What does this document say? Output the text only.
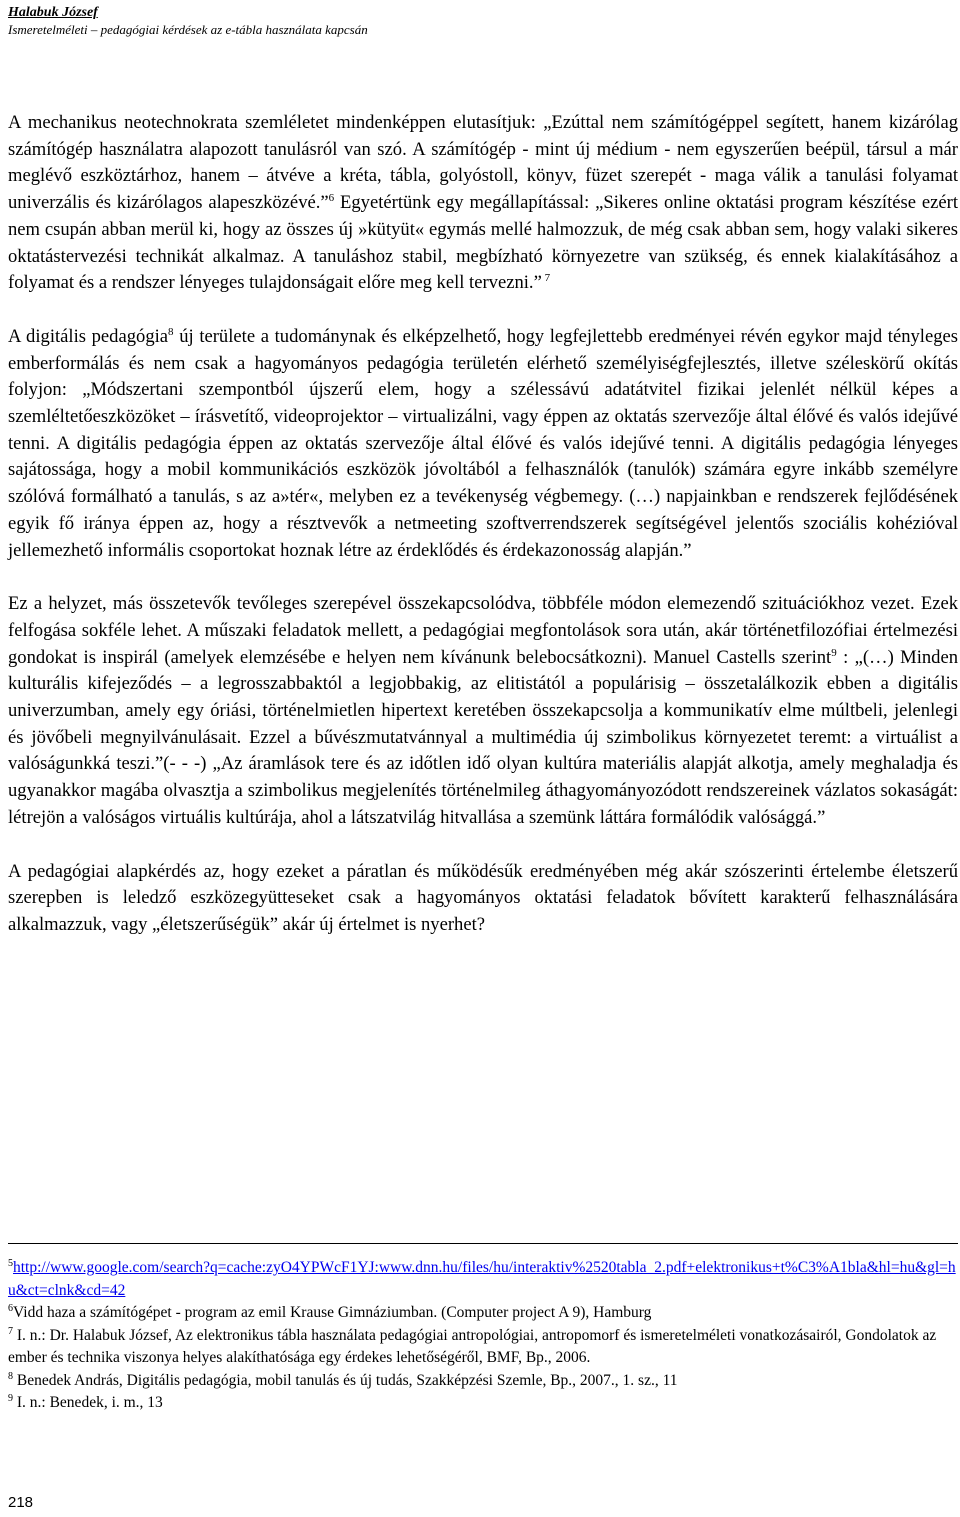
Halabuk József
Ismeretelméleti – pedagógiai kérdések az e-tábla használata kapcsán

A mechanikus neotechnokrata szemléletet mindenképpen elutasítjuk: „Ezúttal nem számítógéppel segített, hanem kizárólag számítógép használatra alapozott tanulásról van szó. A számítógép - mint új médium - nem egyszerűen beépül, társul a már meglévő eszköztárhoz, hanem – átvéve a kréta, tábla, golyóstoll, könyv, füzet szerepét - maga válik a tanulási folyamat univerzális és kizárólagos alapeszközévé.”$^6$ Egyetértünk egy megállapítással: „Sikeres online oktatási program készítése ezért nem csupán abban merül ki, hogy az összes új »kütyüt« egymás mellé halmozzuk, de még csak abban sem, hogy valaki sikeres oktatástervezési technikát alkalmaz. A tanuláshoz stabil, megbízható környezetre van szükség, és ennek kialakításához a folyamat és a rendszer lényeges tulajdonságait előre meg kell tervezni.” $^7$

A digitális pedagógia$^8$ új területe a tudománynak és elképzelhető, hogy legfejlettebb eredményei révén egykor majd tényleges emberformálás és nem csak a hagyományos pedagógia területén elérhető személyiségfejlesztés, illetve széleskörű okítás folyjon: „Módszertani szempontból újszerű elem, hogy a szélessávú adatátvitel fizikai jelenlét nélkül képes a szemléltetőeszközöket – írásvetítő, videoprojektor – virtualizálni, vagy éppen az oktatás szervezője által élővé és valós idejűvé tenni. A digitális pedagógia éppen az oktatás szervezője által élővé és valós idejűvé tenni. A digitális pedagógia lényeges sajátossága, hogy a mobil kommunikációs eszközök jóvoltából a felhasználók (tanulók) számára egyre inkább személyre szólóvá formálható a tanulás, s az a»tér«, melyben ez a tevékenység végbemegy. (…) napjainkban e rendszerek fejlődésének egyik fő iránya éppen az, hogy a résztvevők a netmeeting szoftverrendszerek segítségével jelentős szociális kohézióval jellemezhető informális csoportokat hoznak létre az érdeklődés és érdekazonosság alapján.”

Ez a helyzet, más összetevők tevőleges szerepével összekapcsolódva, többféle módon elemezendő szituációkhoz vezet. Ezek felfogása sokféle lehet. A műszaki feladatok mellett, a pedagógiai megfontolások sora után, akár történetfilozófiai értelmezési gondokat is inspirál (amelyek elemzésébe e helyen nem kívánunk belebocsátkozni). Manuel Castells szerint$^9$ : „(…) Minden kulturális kifejeződés – a legrosszabbaktól a legjobbakig, az elitistától a populárisig – összetalálkozik ebben a digitális univerzumban, amely egy óriási, történelmietlen hipertext keretében összekapcsolja a kommunikatív elme múltbeli, jelenlegi és jövőbeli megnyilvánulásait. Ezzel a bűvészmutatvánnyal a multimédia új szimbolikus környezetet teremt: a virtuálist a valóságunkká teszi.”(- - -) „Az áramlások tere és az időtlen idő olyan kultúra materiális alapját alkotja, amely meghaladja és ugyanakkor magába olvasztja a szimbolikus megjelenítés történelmileg áthagyományozódott rendszereinek vázlatos sokaságát: létrejön a valóságos virtuális kultúrája, ahol a látszatvilág hitvallása a szemünk láttára formálódik valósággá.”

A pedagógiai alapkérdés az, hogy ezeket a páratlan és működésűk eredményében még akár szószerinti értelembe életszerű szerepben is leledző eszközegyütteseket csak a hagyományos oktatási feladatok bővített karakterű felhasználására alkalmazzuk, vagy „életszerűségük” akár új értelmet is nyerhet?

$^5$http://www.google.com/search?q=cache:zyO4YPWcF1YJ:www.dnn.hu/files/hu/interaktiv%2520tabla_2.pdf+elektronikus+t%C3%A1bla&hl=hu&gl=hu&ct=clnk&cd=42
$^6$Vidd haza a számítógépet - program az emil Krause Gimnáziumban. (Computer project A 9), Hamburg
$^7$ I. n.: Dr. Halabuk József, Az elektronikus tábla használata pedagógiai antropológiai, antropomorf és ismeretelméleti vonatkozásairól, Gondolatok az ember és technika viszonya helyes alakíthatósága egy érdekes lehetőségéről, BMF, Bp., 2006.
$^8$ Benedek András, Digitális pedagógia, mobil tanulás és új tudás, Szakképzési Szemle, Bp., 2007., 1. sz., 11
$^9$ I. n.: Benedek, i. m., 13
218
